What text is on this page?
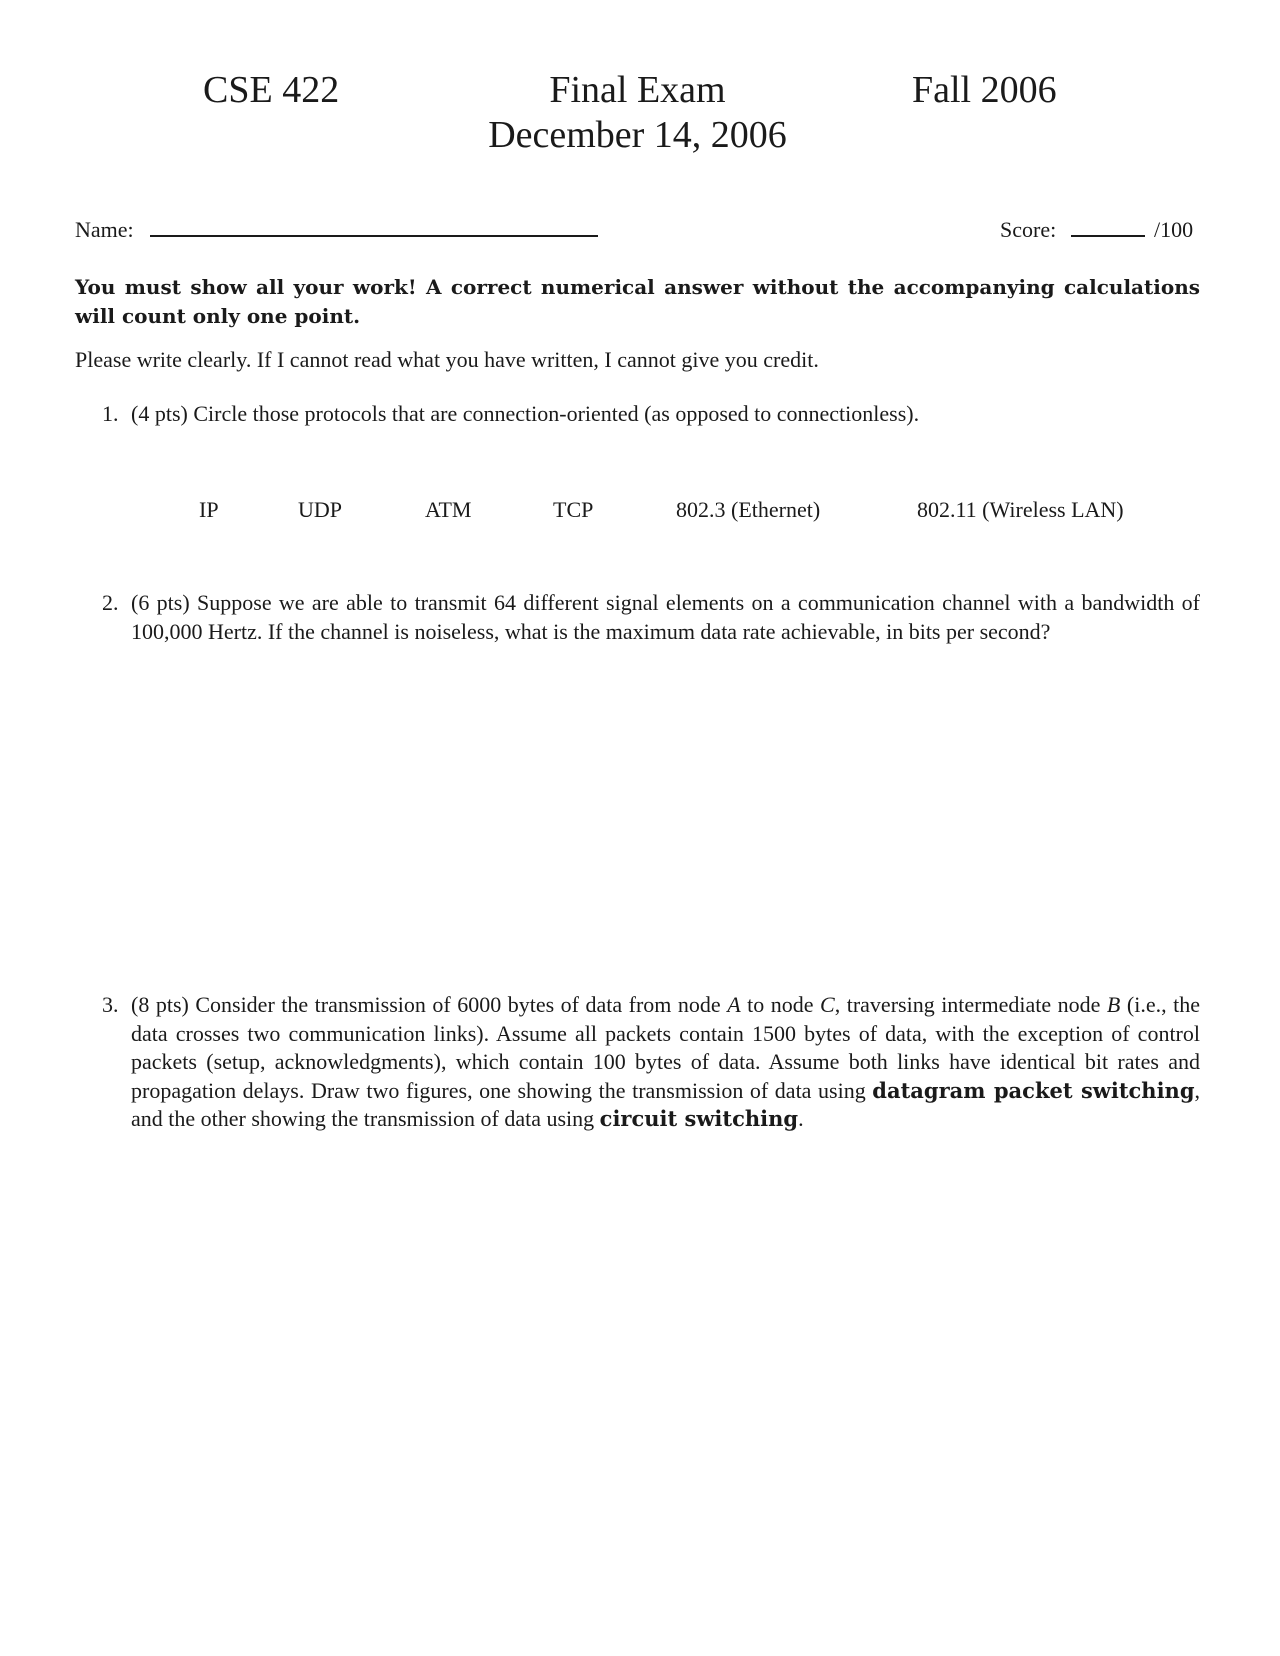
CSE 422	Final Exam
December 14, 2006
Fall 2006
Name:	Score:	/100
You must show all your work! A correct numerical answer without the accompanying calculations will count only one point.
Please write clearly. If I cannot read what you have written, I cannot give you credit.
1. (4 pts) Circle those protocols that are connection-oriented (as opposed to connectionless).
IP	UDP	ATM	TCP	802.3 (Ethernet)	802.11 (Wireless LAN)
2. (6 pts) Suppose we are able to transmit 64 different signal elements on a communication channel with a bandwidth of 100,000 Hertz. If the channel is noiseless, what is the maximum data rate achievable, in bits per second?
3. (8 pts) Consider the transmission of 6000 bytes of data from node A to node C, traversing intermediate node B (i.e., the data crosses two communication links). Assume all packets contain 1500 bytes of data, with the exception of control packets (setup, acknowledgments), which contain 100 bytes of data. Assume both links have identical bit rates and propagation delays. Draw two figures, one showing the transmission of data using datagram packet switching, and the other showing the transmission of data using circuit switching.
